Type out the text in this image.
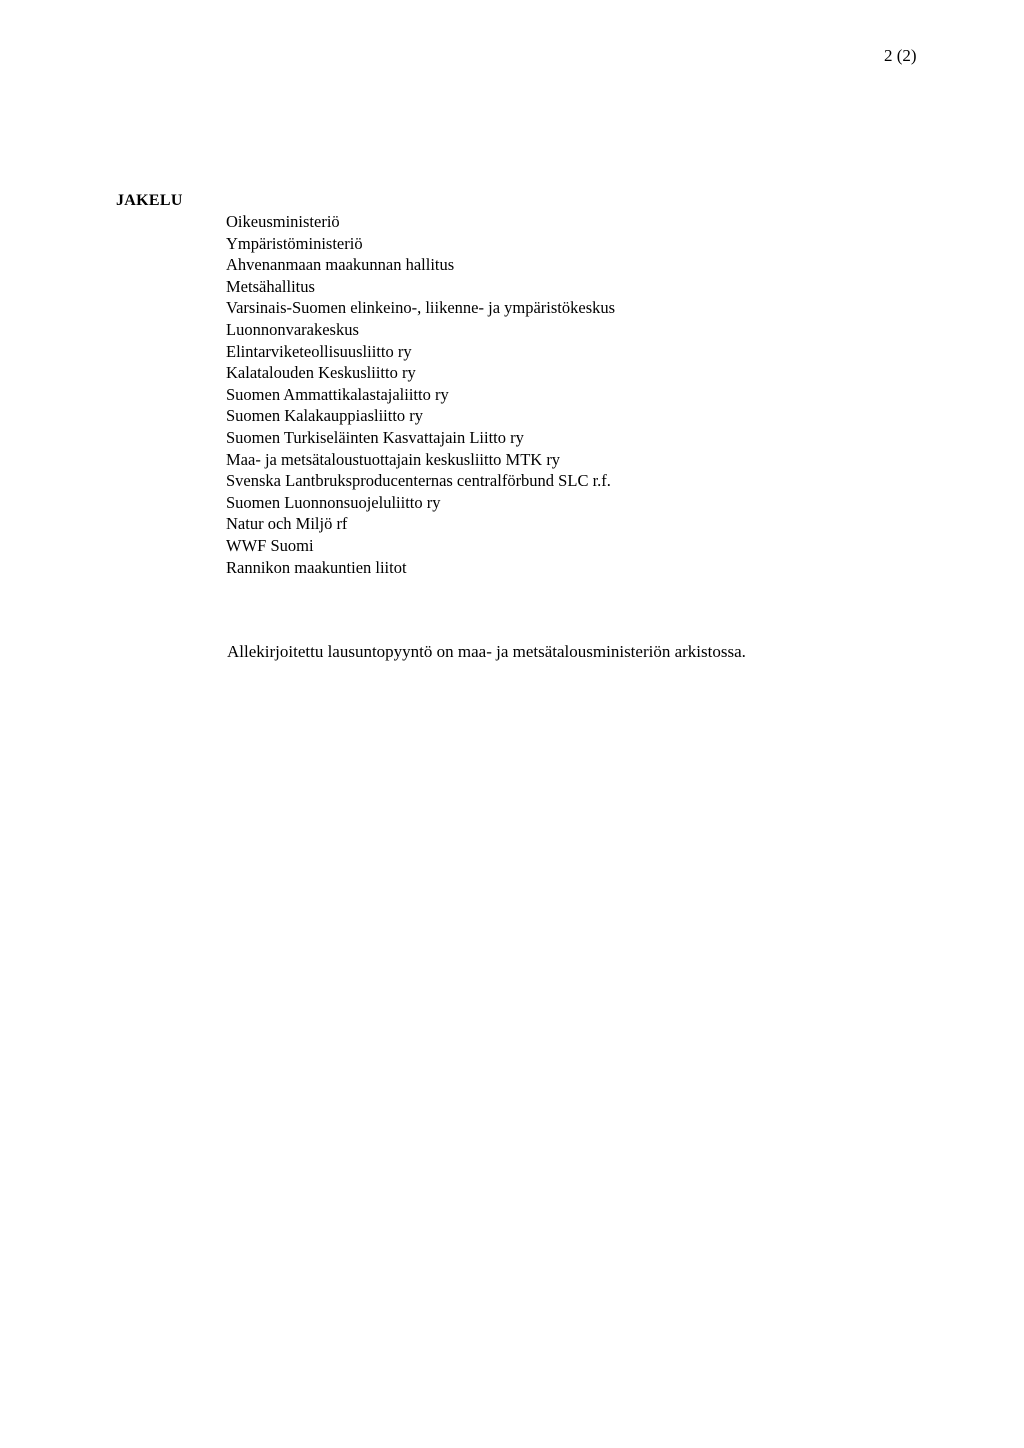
2 (2)
JAKELU
Oikeusministeriö
Ympäristöministeriö
Ahvenanmaan maakunnan hallitus
Metsähallitus
Varsinais-Suomen elinkeino-, liikenne- ja ympäristökeskus
Luonnonvarakeskus
Elintarviketeollisuusliitto ry
Kalatalouden Keskusliitto ry
Suomen Ammattikalastajaliitto ry
Suomen Kalakauppiasliitto ry
Suomen Turkiseläinten Kasvattajain Liitto ry
Maa- ja metsätaloustuottajain keskusliitto MTK ry
Svenska Lantbruksproducenternas centralförbund SLC r.f.
Suomen Luonnonsuojeluliitto ry
Natur och Miljö rf
WWF Suomi
Rannikon maakuntien liitot
Allekirjoitettu lausuntopyyntö on maa- ja metsätalousministeriön arkistossa.
